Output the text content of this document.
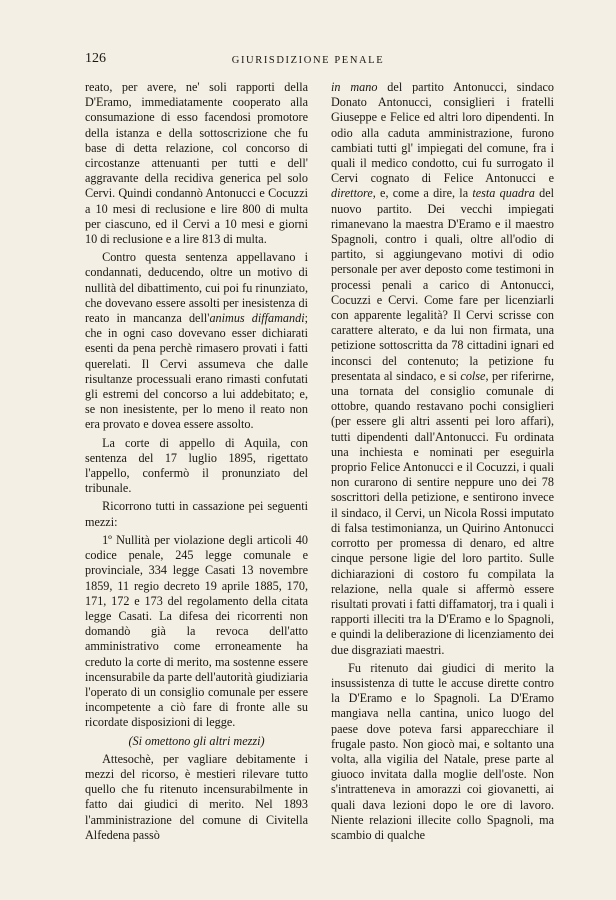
126	GIURISDIZIONE PENALE

reato, per avere, ne' soli rapporti della D'Eramo, immediatamente cooperato alla consumazione di esso facendosi promotore della istanza e della sottoscrizione che fu base di detta relazione, col concorso di circostanze attenuanti per tutti e dell' aggravante della recidiva generica pel solo Cervi. Quindi condannò Antonucci e Cocuzzi a 10 mesi di reclusione e lire 800 di multa per ciascuno, ed il Cervi a 10 mesi e giorni 10 di reclusione e a lire 813 di multa.

Contro questa sentenza appellavano i condannati, deducendo, oltre un motivo di nullità del dibattimento, cui poi fu rinunziato, che dovevano essere assolti per inesistenza di reato in mancanza dell'animus diffamandi; che in ogni caso dovevano esser dichiarati esenti da pena perchè rimasero provati i fatti querelati. Il Cervi assumeva che dalle risultanze processuali erano rimasti confutati gli estremi del concorso a lui addebitato; e, se non inesistente, per lo meno il reato non era provato e dovea essere assolto.

La corte di appello di Aquila, con sentenza del 17 luglio 1895, rigettato l'appello, confermò il pronunziato del tribunale.

Ricorrono tutti in cassazione pei seguenti mezzi:

1º Nullità per violazione degli articoli 40 codice penale, 245 legge comunale e provinciale, 334 legge Casati 13 novembre 1859, 11 regio decreto 19 aprile 1885, 170, 171, 172 e 173 del regolamento della citata legge Casati. La difesa dei ricorrenti non domandò già la revoca dell'atto amministrativo come erroneamente ha creduto la corte di merito, ma sostenne essere incensurabile da parte dell'autorità giudiziaria l'operato di un consiglio comunale per essere incompetente a ciò fare di fronte alle su ricordate disposizioni di legge.

(Si omettono gli altri mezzi)

Attesochè, per vagliare debitamente i mezzi del ricorso, è mestieri rilevare tutto quello che fu ritenuto incensurabilmente in fatto dai giudici di merito. Nel 1893 l'amministrazione del comune di Civitella Alfedena passò

in mano del partito Antonucci, sindaco Donato Antonucci, consiglieri i fratelli Giuseppe e Felice ed altri loro dipendenti. In odio alla caduta amministrazione, furono cambiati tutti gl' impiegati del comune, fra i quali il medico condotto, cui fu surrogato il Cervi cognato di Felice Antonucci e direttore, e, come a dire, la testa quadra del nuovo partito. Dei vecchi impiegati rimanevano la maestra D'Eramo e il maestro Spagnoli, contro i quali, oltre all'odio di partito, si aggiungevano motivi di odio personale per aver deposto come testimoni in processi penali a carico di Antonucci, Cocuzzi e Cervi. Come fare per licenziarli con apparente legalità? Il Cervi scrisse con carattere alterato, e da lui non firmata, una petizione sottoscritta da 78 cittadini ignari ed inconsci del contenuto; la petizione fu presentata al sindaco, e si colse, per riferirne, una tornata del consiglio comunale di ottobre, quando restavano pochi consiglieri (per essere gli altri assenti pei loro affari), tutti dipendenti dall'Antonucci. Fu ordinata una inchiesta e nominati per eseguirla proprio Felice Antonucci e il Cocuzzi, i quali non curarono di sentire neppure uno dei 78 soscrittori della petizione, e sentirono invece il sindaco, il Cervi, un Nicola Rossi imputato di falsa testimonianza, un Quirino Antonucci corrotto per promessa di denaro, ed altre cinque persone ligie del loro partito. Sulle dichiarazioni di costoro fu compilata la relazione, nella quale si affermò essere risultati provati i fatti diffamatorj, tra i quali i rapporti illeciti tra la D'Eramo e lo Spagnoli, e quindi la deliberazione di licenziamento dei due disgraziati maestri.

Fu ritenuto dai giudici di merito la insussistenza di tutte le accuse dirette contro la D'Eramo e lo Spagnoli. La D'Eramo mangiava nella cantina, unico luogo del paese dove poteva farsi apparecchiare il frugale pasto. Non giocò mai, e soltanto una volta, alla vigilia del Natale, prese parte al giuoco invitata dalla moglie dell'oste. Non s'intratteneva in amorazzi coi giovanetti, ai quali dava lezioni dopo le ore di lavoro. Niente relazioni illecite collo Spagnoli, ma scambio di qualche
